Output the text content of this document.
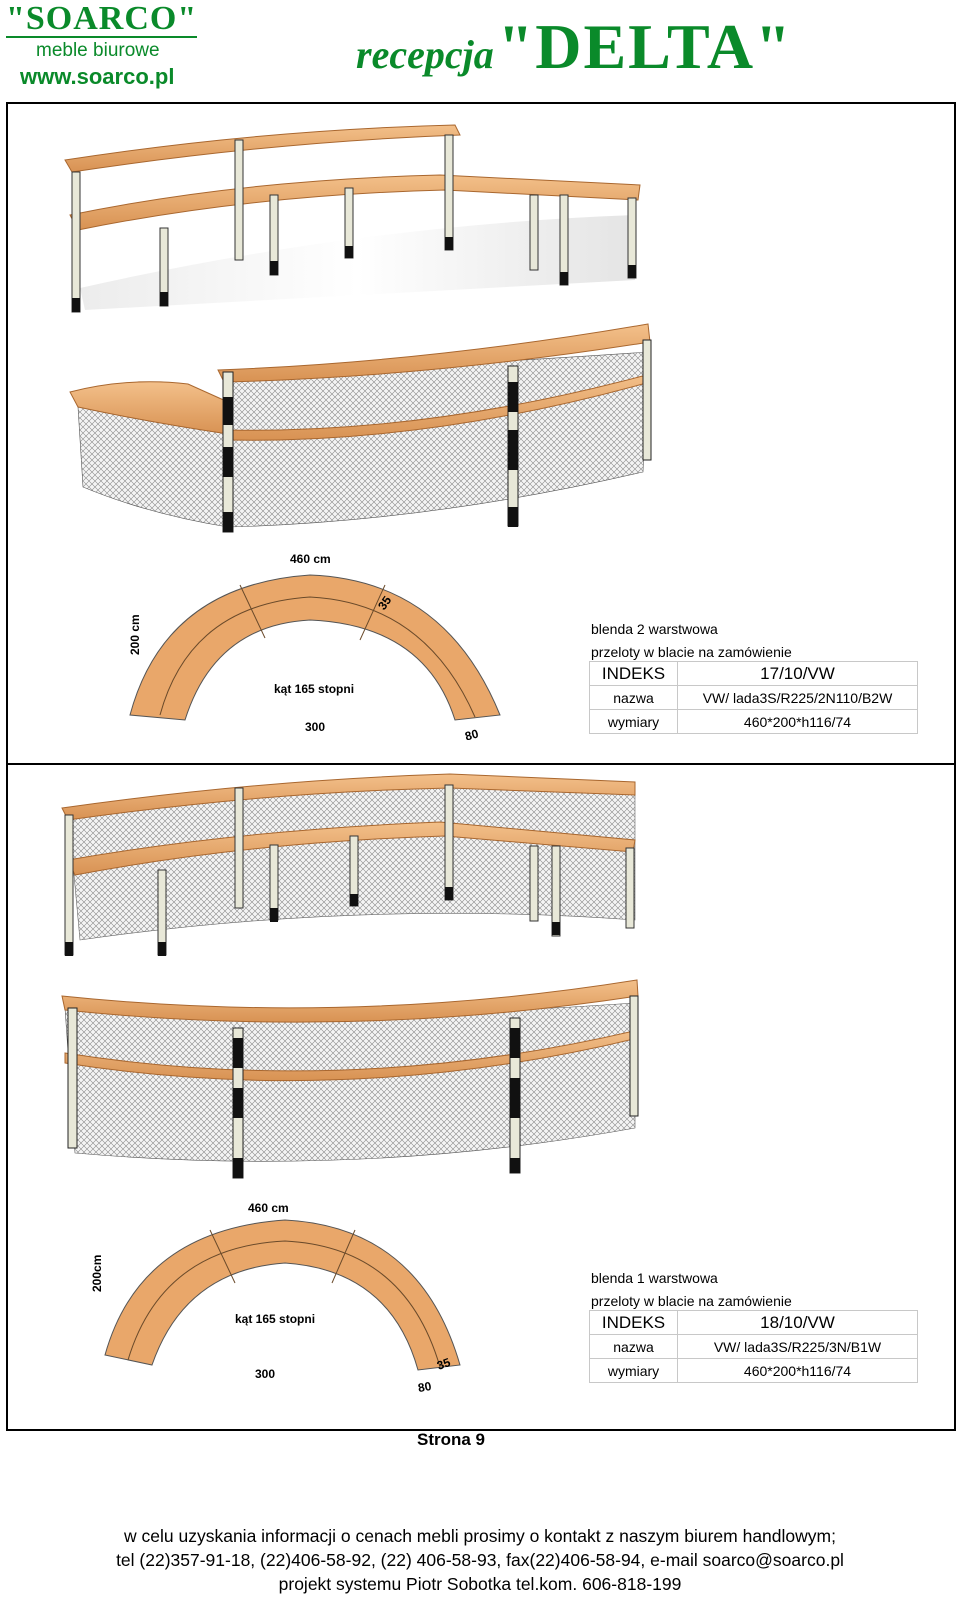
"SOARCO"
meble biurowe
www.soarco.pl	recepcja "DELTA"
460 cm
200 cm
kąt 165 stopni
300
35
80
blenda 2 warstwowa
przeloty w blacie na zamówienie
INDEKS	17/10/VW
nazwa	VW/ lada3S/R225/2N110/B2W
wymiary	460*200*h116/74
460 cm
200cm
kąt 165 stopni
300
35
80
blenda 1 warstwowa
przeloty w blacie na zamówienie
INDEKS	18/10/VW
nazwa	VW/ lada3S/R225/3N/B1W
wymiary	460*200*h116/74
Strona 9
w celu uzyskania informacji o cenach mebli prosimy o kontakt z naszym biurem handlowym;
tel (22)357-91-18, (22)406-58-92, (22) 406-58-93, fax(22)406-58-94, e-mail soarco@soarco.pl
projekt systemu Piotr Sobotka tel.kom. 606-818-199
